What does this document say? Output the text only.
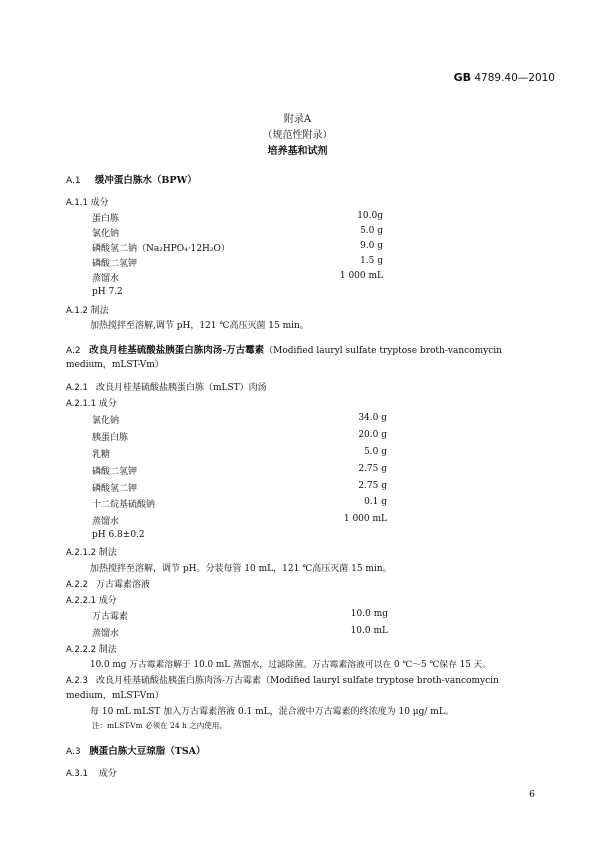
GB 4789.40—2010
附录A
（规范性附录）
培养基和试剂
A.1 缓冲蛋白胨水（BPW）
A.1.1 成分
蛋白胨	10.0g
氯化钠	5.0 g
磷酸氢二钠（Na₂HPO₄·12H₂O）	9.0 g
磷酸二氢钾	1.5 g
蒸馏水	1 000 mL
pH 7.2
A.1.2 制法
加热搅拌至溶解,调节 pH，121 ℃高压灭菌 15 min。
A.2 改良月桂基硫酸盐胰蛋白胨肉汤-万古霉素（Modified lauryl sulfate tryptose broth-vancomycin
medium，mLST-Vm）
A.2.1 改良月桂基硫酸盐胰蛋白胨（mLST）肉汤
A.2.1.1 成分
氯化钠	34.0 g
胰蛋白胨	20.0 g
乳糖	5.0 g
磷酸二氢钾	2.75 g
磷酸氢二钾	2.75 g
十二烷基硫酸钠	0.1 g
蒸馏水	1 000 mL
pH 6.8±0.2
A.2.1.2 制法
加热搅拌至溶解，调节 pH。分装每管 10 mL，121 ℃高压灭菌 15 min。
A.2.2 万古霉素溶液
A.2.2.1 成分
万古霉素	10.0 mg
蒸馏水	10.0 mL
A.2.2.2 制法
10.0 mg 万古霉素溶解于 10.0 mL 蒸馏水，过滤除菌。万古霉素溶液可以在 0 ℃～5 ℃保存 15 天。
A.2.3 改良月桂基硫酸盐胰蛋白胨肉汤-万古霉素（Modified lauryl sulfate tryptose broth-vancomycin
medium，mLST-Vm）
每 10 mL mLST 加入万古霉素溶液 0.1 mL，混合液中万古霉素的终浓度为 10 μg/ mL。
注：mLST-Vm 必须在 24 h 之内使用。
A.3 胰蛋白胨大豆琼脂（TSA）
A.3.1 成分
6
